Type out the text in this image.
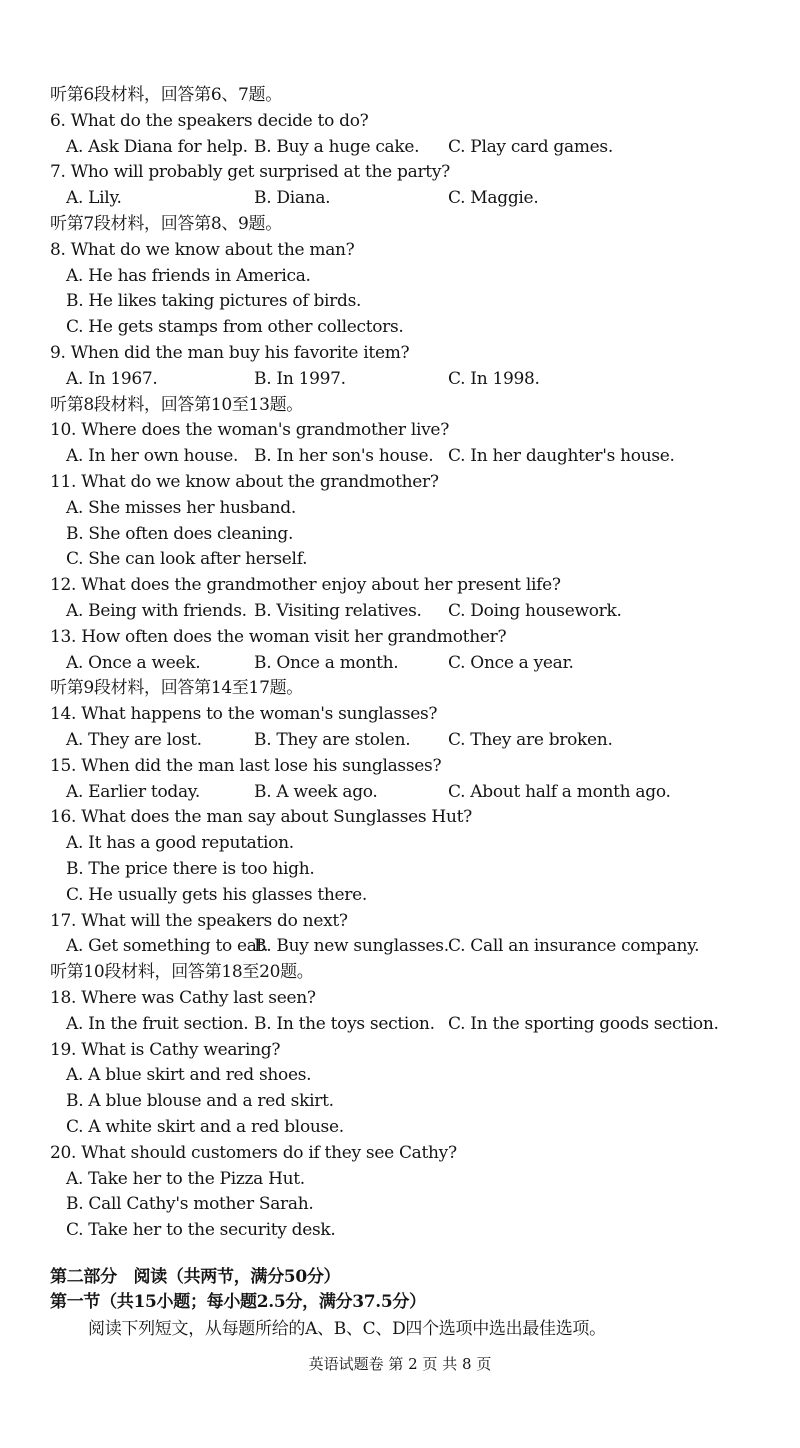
听第6段材料，回答第6、7题。
6. What do the speakers decide to do?
A. Ask Diana for help. B. Buy a huge cake. C. Play card games.
7. Who will probably get surprised at the party?
A. Lily.	B. Diana.	C. Maggie.
听第7段材料，回答第8、9题。
8. What do we know about the man?
A. He has friends in America.
B. He likes taking pictures of birds.
C. He gets stamps from other collectors.
9. When did the man buy his favorite item?
A. In 1967.	B. In 1997.	C. In 1998.
听第8段材料，回答第10至13题。
10. Where does the woman's grandmother live?
A. In her own house. B. In her son's house. C. In her daughter's house.
11. What do we know about the grandmother?
A. She misses her husband.
B. She often does cleaning.
C. She can look after herself.
12. What does the grandmother enjoy about her present life?
A. Being with friends. B. Visiting relatives. C. Doing housework.
13. How often does the woman visit her grandmother?
A. Once a week.	B. Once a month.	C. Once a year.
听第9段材料，回答第14至17题。
14. What happens to the woman's sunglasses?
A. They are lost.	B. They are stolen. C. They are broken.
15. When did the man last lose his sunglasses?
A. Earlier today.	B. A week ago.	C. About half a month ago.
16. What does the man say about Sunglasses Hut?
A. It has a good reputation.
B. The price there is too high.
C. He usually gets his glasses there.
17. What will the speakers do next?
A. Get something to eat.
B. Buy new sunglasses. C. Call an insurance company.
听第10段材料，回答第18至20题。
18. Where was Cathy last seen?
A. In the fruit section. B. In the toys section. C. In the sporting goods section.
19. What is Cathy wearing?
A. A blue skirt and red shoes.
B. A blue blouse and a red skirt.
C. A white skirt and a red blouse.
20. What should customers do if they see Cathy?
A. Take her to the Pizza Hut.
B. Call Cathy's mother Sarah.
C. Take her to the security desk.
第二部分　阅读（共两节，满分50分）
第一节（共15小题；每小题2.5分，满分37.5分）
阅读下列短文，从每题所给的A、B、C、D四个选项中选出最佳选项。
英语试题卷 第 2 页 共 8 页
